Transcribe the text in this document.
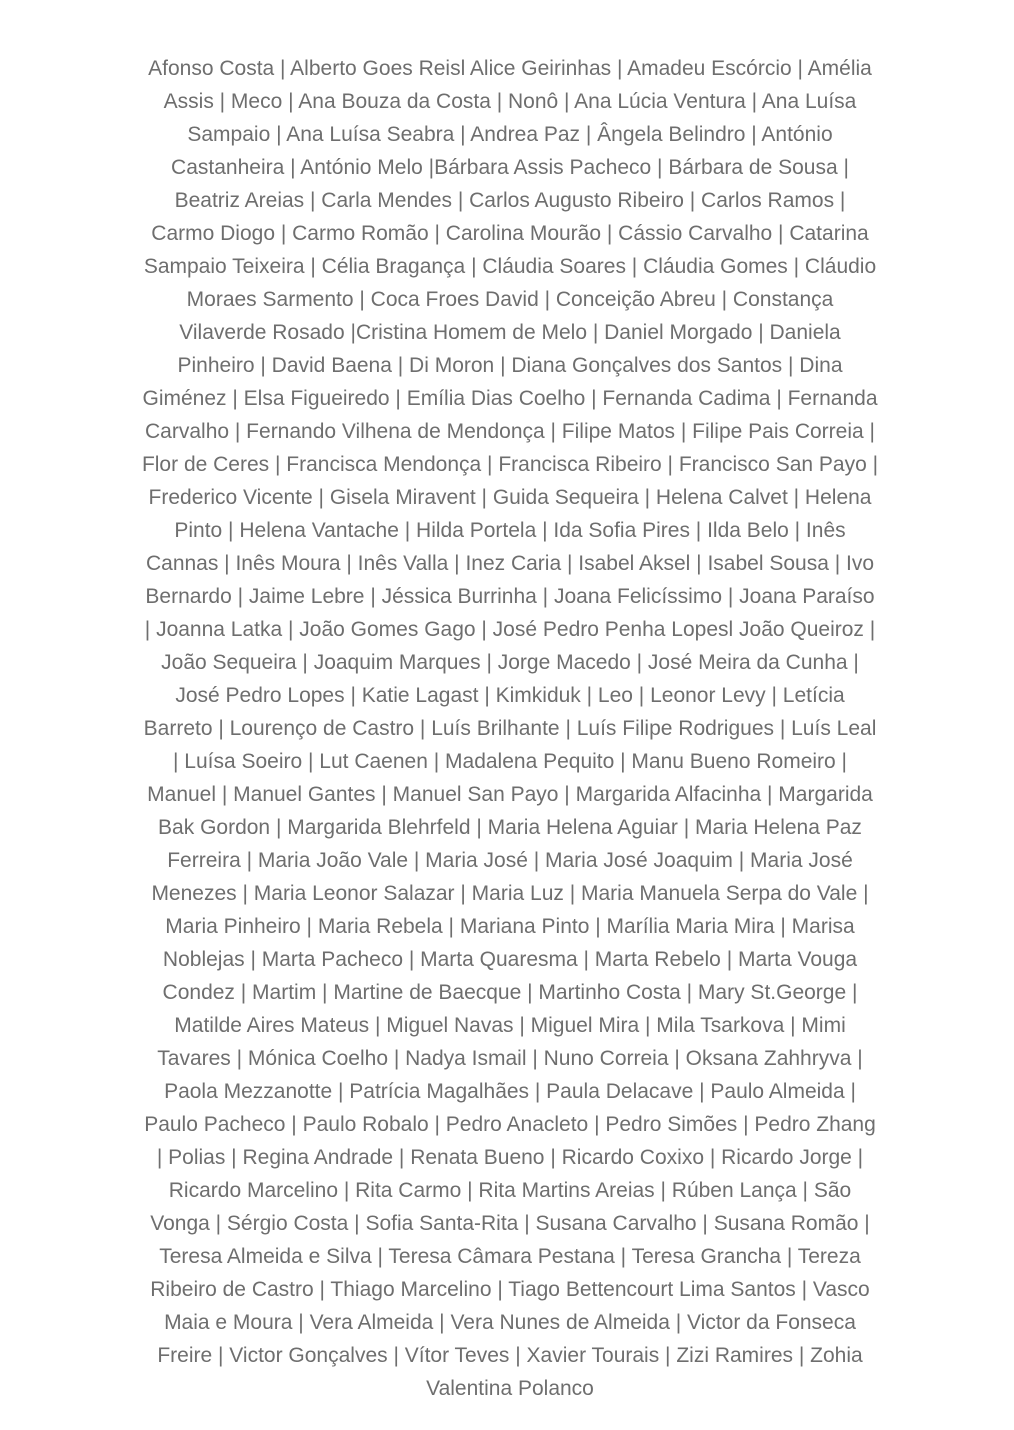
Afonso Costa | Alberto Goes Reisl Alice Geirinhas | Amadeu Escórcio | Amélia
Assis | Meco | Ana Bouza da Costa | Nonô | Ana Lúcia Ventura | Ana Luísa
Sampaio | Ana Luísa Seabra | Andrea Paz | Ângela Belindro | António
Castanheira | António Melo |Bárbara Assis Pacheco | Bárbara de Sousa |
Beatriz Areias | Carla Mendes | Carlos Augusto Ribeiro | Carlos Ramos |
Carmo Diogo | Carmo Romão | Carolina Mourão | Cássio Carvalho | Catarina
Sampaio Teixeira | Célia Bragança | Cláudia Soares | Cláudia Gomes | Cláudio
Moraes Sarmento | Coca Froes David | Conceição Abreu | Constança
Vilaverde Rosado |Cristina Homem de Melo | Daniel Morgado | Daniela
Pinheiro | David Baena | Di Moron | Diana Gonçalves dos Santos | Dina
Giménez | Elsa Figueiredo | Emília Dias Coelho | Fernanda Cadima | Fernanda
Carvalho | Fernando Vilhena de Mendonça | Filipe Matos | Filipe Pais Correia |
Flor de Ceres | Francisca Mendonça | Francisca Ribeiro | Francisco San Payo |
Frederico Vicente | Gisela Miravent | Guida Sequeira | Helena Calvet | Helena
Pinto | Helena Vantache | Hilda Portela | Ida Sofia Pires | Ilda Belo | Inês
Cannas | Inês Moura | Inês Valla | Inez Caria | Isabel Aksel | Isabel Sousa | Ivo
Bernardo | Jaime Lebre | Jéssica Burrinha | Joana Felicíssimo | Joana Paraíso
| Joanna Latka | João Gomes Gago | José Pedro Penha Lopesl João Queiroz |
João Sequeira | Joaquim Marques | Jorge Macedo | José Meira da Cunha |
José Pedro Lopes | Katie Lagast | Kimkiduk | Leo | Leonor Levy | Letícia
Barreto | Lourenço de Castro | Luís Brilhante | Luís Filipe Rodrigues | Luís Leal
| Luísa Soeiro | Lut Caenen | Madalena Pequito | Manu Bueno Romeiro |
Manuel | Manuel Gantes | Manuel San Payo | Margarida Alfacinha | Margarida
Bak Gordon | Margarida Blehrfeld | Maria Helena Aguiar | Maria Helena Paz
Ferreira | Maria João Vale | Maria José | Maria José Joaquim | Maria José
Menezes | Maria Leonor Salazar | Maria Luz | Maria Manuela Serpa do Vale |
Maria Pinheiro | Maria Rebela | Mariana Pinto | Marília Maria Mira | Marisa
Noblejas | Marta Pacheco | Marta Quaresma | Marta Rebelo | Marta Vouga
Condez | Martim | Martine de Baecque | Martinho Costa | Mary St.George |
Matilde Aires Mateus | Miguel Navas | Miguel Mira | Mila Tsarkova | Mimi
Tavares | Mónica Coelho | Nadya Ismail | Nuno Correia | Oksana Zahhryva |
Paola Mezzanotte | Patrícia Magalhães | Paula Delacave | Paulo Almeida |
Paulo Pacheco | Paulo Robalo | Pedro Anacleto | Pedro Simões | Pedro Zhang
| Polias | Regina Andrade | Renata Bueno | Ricardo Coxixo | Ricardo Jorge |
Ricardo Marcelino | Rita Carmo | Rita Martins Areias | Rúben Lança | São
Vonga | Sérgio Costa | Sofia Santa-Rita | Susana Carvalho | Susana Romão |
Teresa Almeida e Silva | Teresa Câmara Pestana | Teresa Grancha | Tereza
Ribeiro de Castro | Thiago Marcelino | Tiago Bettencourt Lima Santos | Vasco
Maia e Moura | Vera Almeida | Vera Nunes de Almeida | Victor da Fonseca
Freire | Victor Gonçalves | Vítor Teves | Xavier Tourais | Zizi Ramires | Zohia
Valentina Polanco
